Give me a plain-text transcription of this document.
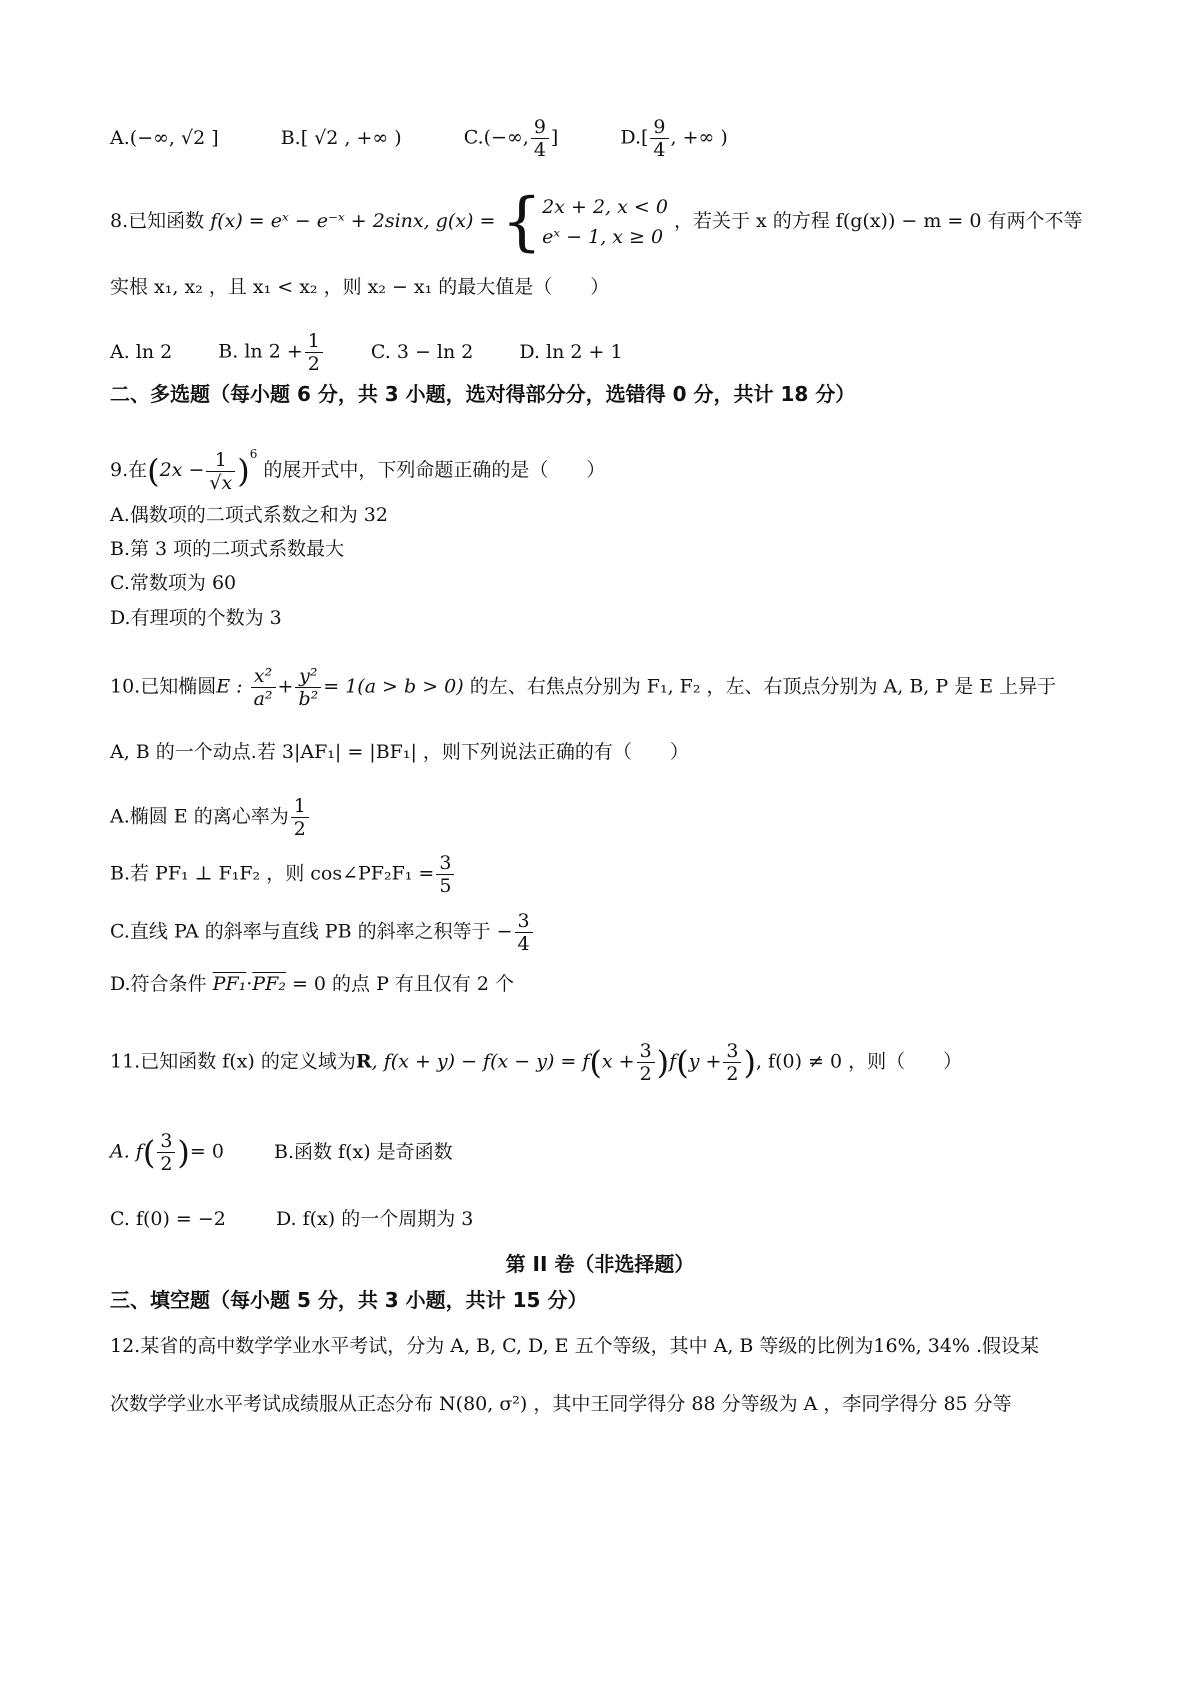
A.(−∞, √2 ]	B.[ √2 , +∞ )	C.(−∞, $\frac{9}{4}$ ]	$D.[ \frac{9}{4}$ , +∞ )
8.已知函数 f(x) = eˣ − e⁻ˣ + 2sinx, g(x) = { 2x + 2, x < 0
eˣ − 1, x ≥ 0
，若关于 x 的方程 f(g(x)) − m = 0 有两个不等
实根 x₁, x₂ ，且 x₁ < x₂ ，则 x₂ − x₁ 的最大值是（　　）
A. ln 2 B. $\ln 2 + \frac{1}{2}$	C. 3 − ln 2 D. ln 2 + 1
二、多选题（每小题 6 分，共 3 小题，选对得部分分，选错得 0 分，共计 18 分）
9.在$(2x - \frac{1}{√x} )^6$ 的展开式中，下列命题正确的是（　　）
A.偶数项的二项式系数之和为 32
B.第 3 项的二项式系数最大
C.常数项为 60
D.有理项的个数为 3
10.已知椭圆E : $\frac{\text{x²}}{\text{a²}} + \frac{\text{y²}}{\text{b²}} = 1(a > b > 0)$ 的左、右焦点分别为 F₁, F₂ ，左、右顶点分别为 A, B, P 是 E 上异于
A, B 的一个动点.若 3|AF₁| = |BF₁| ，则下列说法正确的有（　　）
A.椭圆 E 的离心率为 $\frac{1}{2}$
B.若 PF₁ ⊥ F₁F₂ ，则 cos∠PF₂F₁ = $\frac{3}{5}$
C.直线 PA 的斜率与直线 PB 的斜率之积等于 − $\frac{3}{4}$
D.符合条件 PF₁·PF₂ = 0 的点 P 有且仅有 2 个
11.已知函数 f(x) 的定义域为R, $f(x + y) - f(x - y) = f(x + \frac{3}{2} )f(y + \frac{3}{2}$ ), f(0) ≠ 0 ，则（　　）
A. $f( \frac{3}{2}$ )= 0	B.函数 f(x) 是奇函数
C. f(0) = −2	D. f(x) 的一个周期为 3
第 II 卷（非选择题）
三、填空题（每小题 5 分，共 3 小题，共计 15 分）
12.某省的高中数学学业水平考试，分为 A, B, C, D, E 五个等级，其中 A, B 等级的比例为16%, 34% .假设某
次数学学业水平考试成绩服从正态分布 N(80, σ²) ，其中王同学得分 88 分等级为 A ，李同学得分 85 分等
